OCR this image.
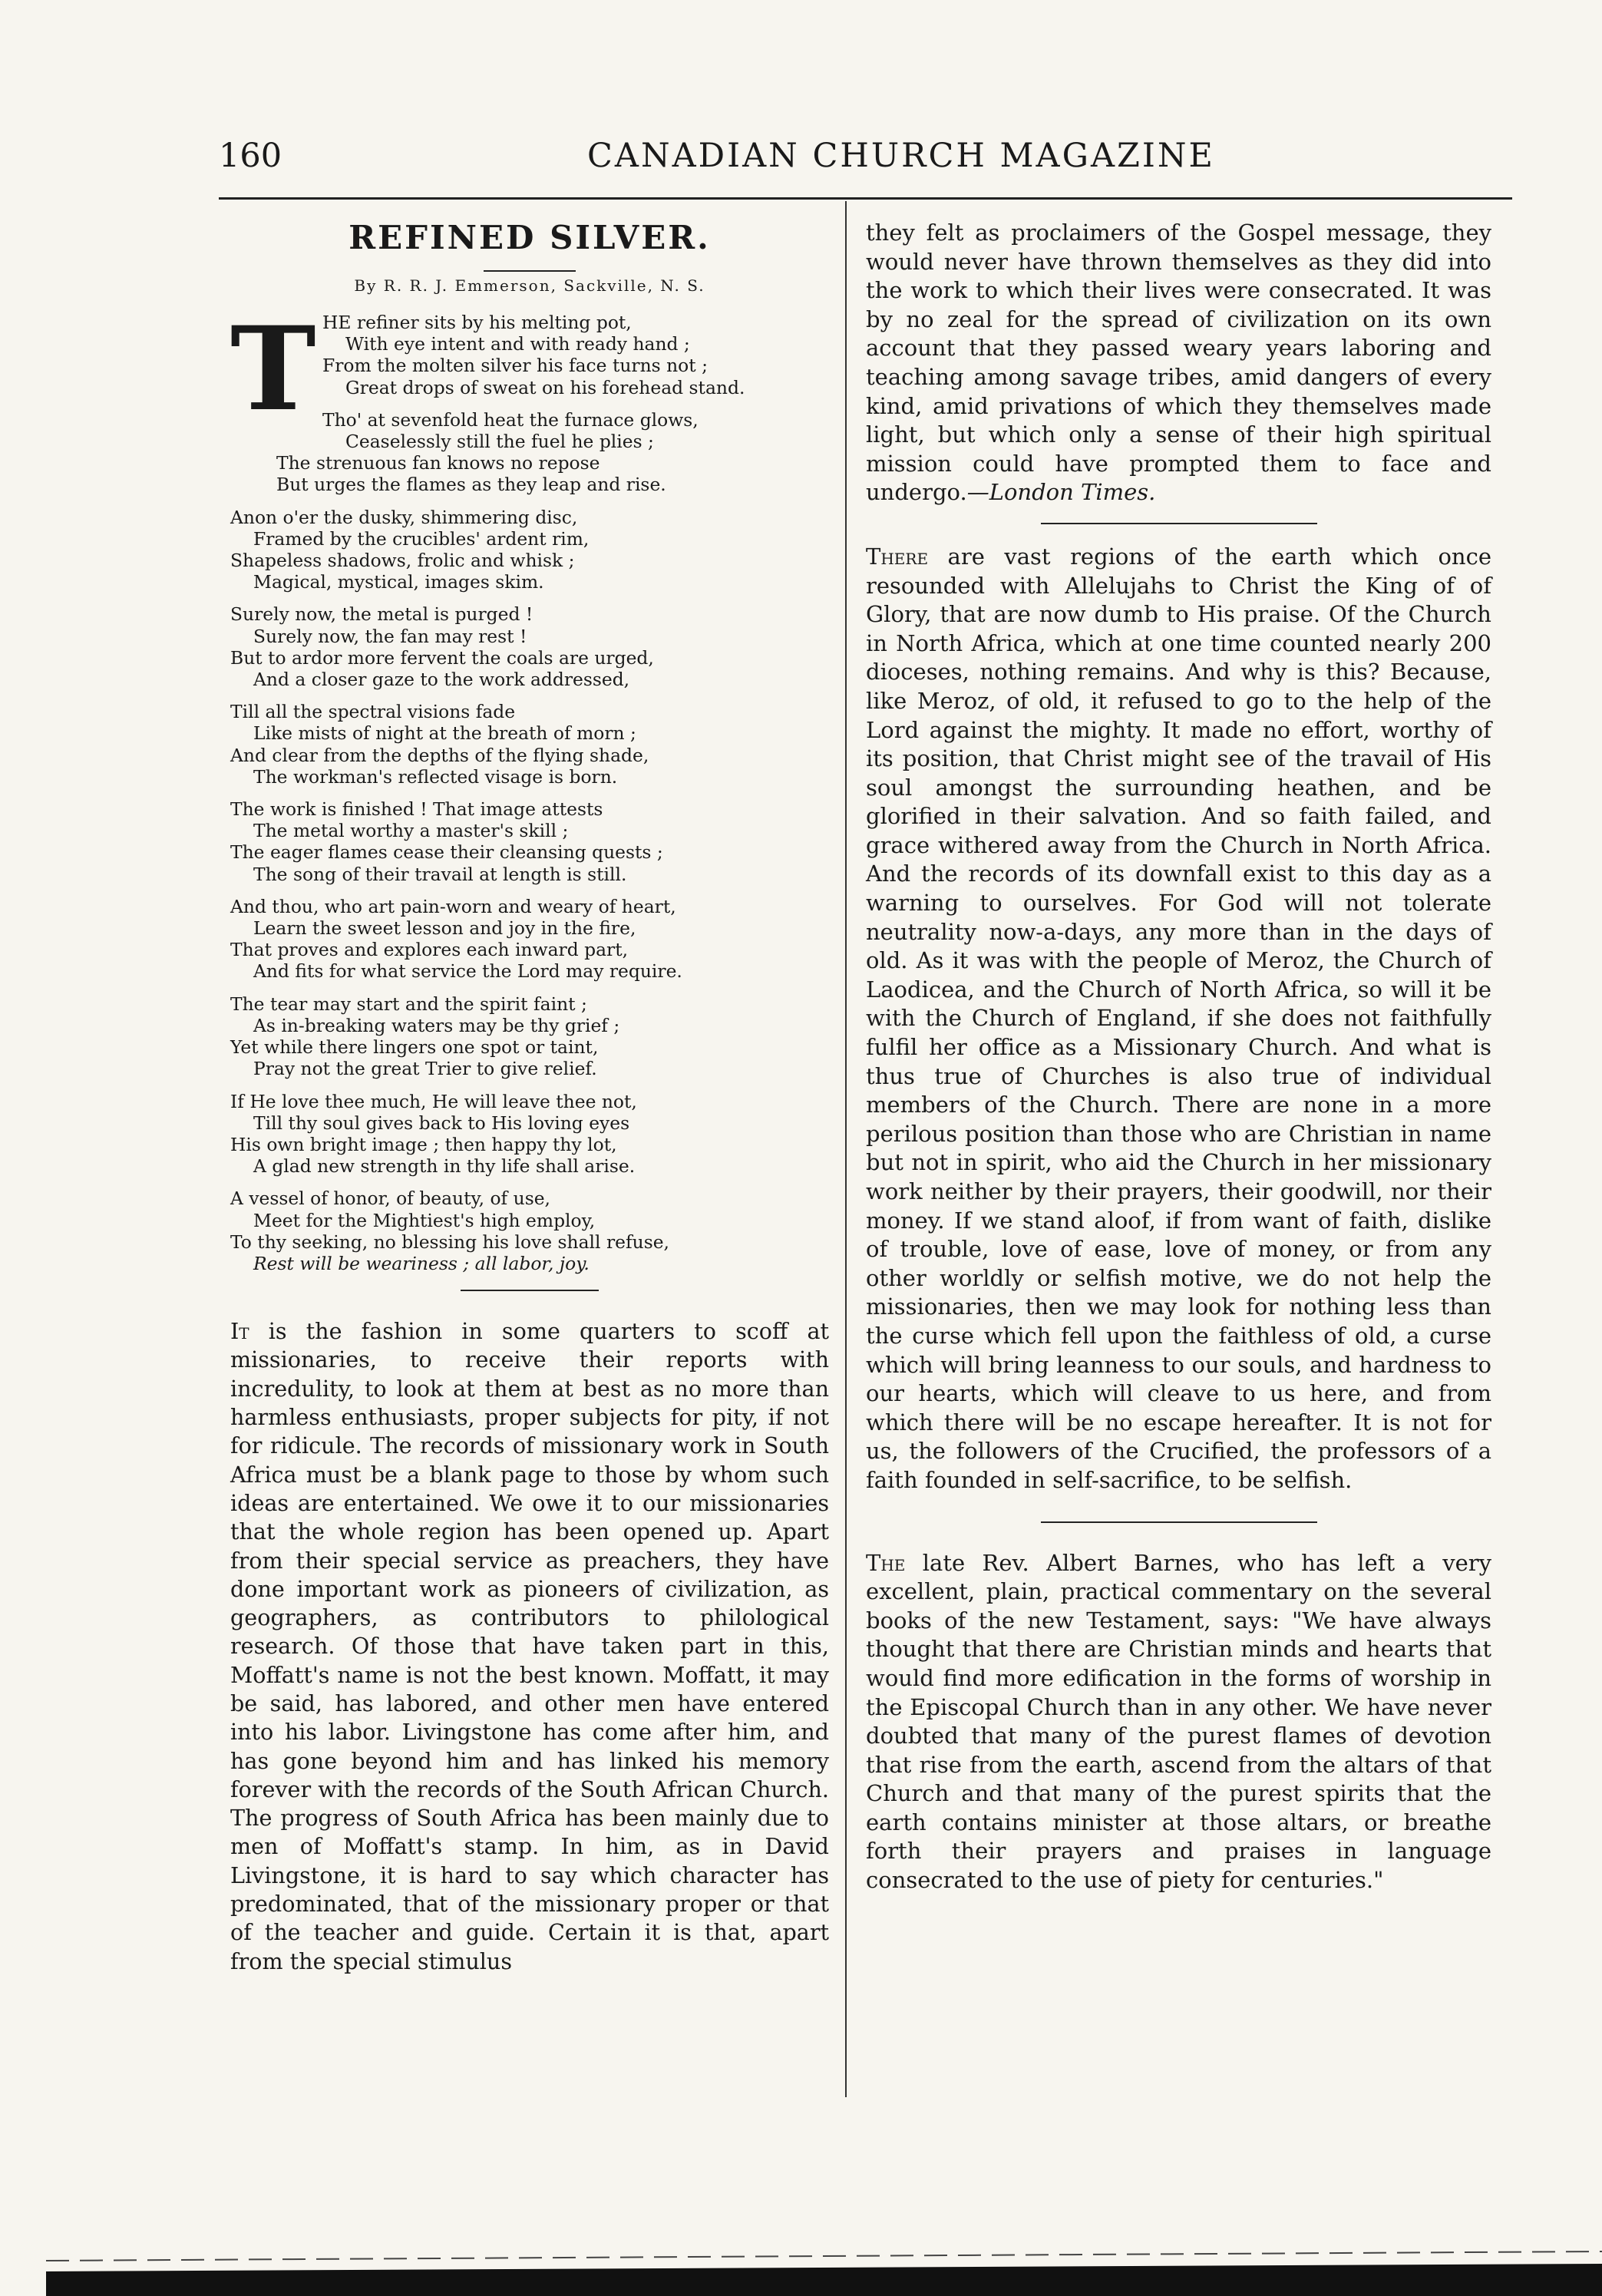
160	CANADIAN CHURCH MAGAZINE
REFINED SILVER.
By R. R. J. Emmerson, Sackville, N. S.
T HE refiner sits by his melting pot,
With eye intent and with ready hand ;
From the molten silver his face turns not ;
Great drops of sweat on his forehead stand.
Tho' at sevenfold heat the furnace glows,
Ceaselessly still the fuel he plies ;
The strenuous fan knows no repose
But urges the flames as they leap and rise.
Anon o'er the dusky, shimmering disc,
Framed by the crucibles' ardent rim,
Shapeless shadows, frolic and whisk ;
Magical, mystical, images skim.
Surely now, the metal is purged !
Surely now, the fan may rest !
But to ardor more fervent the coals are urged,
And a closer gaze to the work addressed,
Till all the spectral visions fade
Like mists of night at the breath of morn ;
And clear from the depths of the flying shade,
The workman's reflected visage is born.
The work is finished ! That image attests
The metal worthy a master's skill ;
The eager flames cease their cleansing quests ;
The song of their travail at length is still.
And thou, who art pain-worn and weary of heart,
Learn the sweet lesson and joy in the fire,
That proves and explores each inward part,
And fits for what service the Lord may require.
The tear may start and the spirit faint ;
As in-breaking waters may be thy grief ;
Yet while there lingers one spot or taint,
Pray not the great Trier to give relief.
If He love thee much, He will leave thee not,
Till thy soul gives back to His loving eyes
His own bright image ; then happy thy lot,
A glad new strength in thy life shall arise.
A vessel of honor, of beauty, of use,
Meet for the Mightiest's high employ,
To thy seeking, no blessing his love shall refuse,
Rest will be weariness ; all labor, joy.

It is the fashion in some quarters to scoff at missionaries, to receive their reports with incredulity, to look at them at best as no more than harmless enthusiasts, proper subjects for pity, if not for ridicule. The records of missionary work in South Africa must be a blank page to those by whom such ideas are entertained. We owe it to our missionaries that the whole region has been opened up. Apart from their special service as preachers, they have done important work as pioneers of civilization, as geographers, as contributors to philological research. Of those that have taken part in this, Moffatt's name is not the best known. Moffatt, it may be said, has labored, and other men have entered into his labor. Livingstone has come after him, and has gone beyond him and has linked his memory forever with the records of the South African Church. The progress of South Africa has been mainly due to men of Moffatt's stamp. In him, as in David Livingstone, it is hard to say which character has predominated, that of the missionary proper or that of the teacher and guide. Certain it is that, apart from the special stimulus

they felt as proclaimers of the Gospel message, they would never have thrown themselves as they did into the work to which their lives were consecrated. It was by no zeal for the spread of civilization on its own account that they passed weary years laboring and teaching among savage tribes, amid dangers of every kind, amid privations of which they themselves made light, but which only a sense of their high spiritual mission could have prompted them to face and undergo.—London Times.

There are vast regions of the earth which once resounded with Allelujahs to Christ the King of of Glory, that are now dumb to His praise. Of the Church in North Africa, which at one time counted nearly 200 dioceses, nothing remains. And why is this? Because, like Meroz, of old, it refused to go to the help of the Lord against the mighty. It made no effort, worthy of its position, that Christ might see of the travail of His soul amongst the surrounding heathen, and be glorified in their salvation. And so faith failed, and grace withered away from the Church in North Africa. And the records of its downfall exist to this day as a warning to ourselves. For God will not tolerate neutrality now-a-days, any more than in the days of old. As it was with the people of Meroz, the Church of Laodicea, and the Church of North Africa, so will it be with the Church of England, if she does not faithfully fulfil her office as a Missionary Church. And what is thus true of Churches is also true of individual members of the Church. There are none in a more perilous position than those who are Christian in name but not in spirit, who aid the Church in her missionary work neither by their prayers, their goodwill, nor their money. If we stand aloof, if from want of faith, dislike of trouble, love of ease, love of money, or from any other worldly or selfish motive, we do not help the missionaries, then we may look for nothing less than the curse which fell upon the faithless of old, a curse which will bring leanness to our souls, and hardness to our hearts, which will cleave to us here, and from which there will be no escape hereafter. It is not for us, the followers of the Crucified, the professors of a faith founded in self-sacrifice, to be selfish.

The late Rev. Albert Barnes, who has left a very excellent, plain, practical commentary on the several books of the new Testament, says: "We have always thought that there are Christian minds and hearts that would find more edification in the forms of worship in the Episcopal Church than in any other. We have never doubted that many of the purest flames of devotion that rise from the earth, ascend from the altars of that Church and that many of the purest spirits that the earth contains minister at those altars, or breathe forth their prayers and praises in language consecrated to the use of piety for centuries."
